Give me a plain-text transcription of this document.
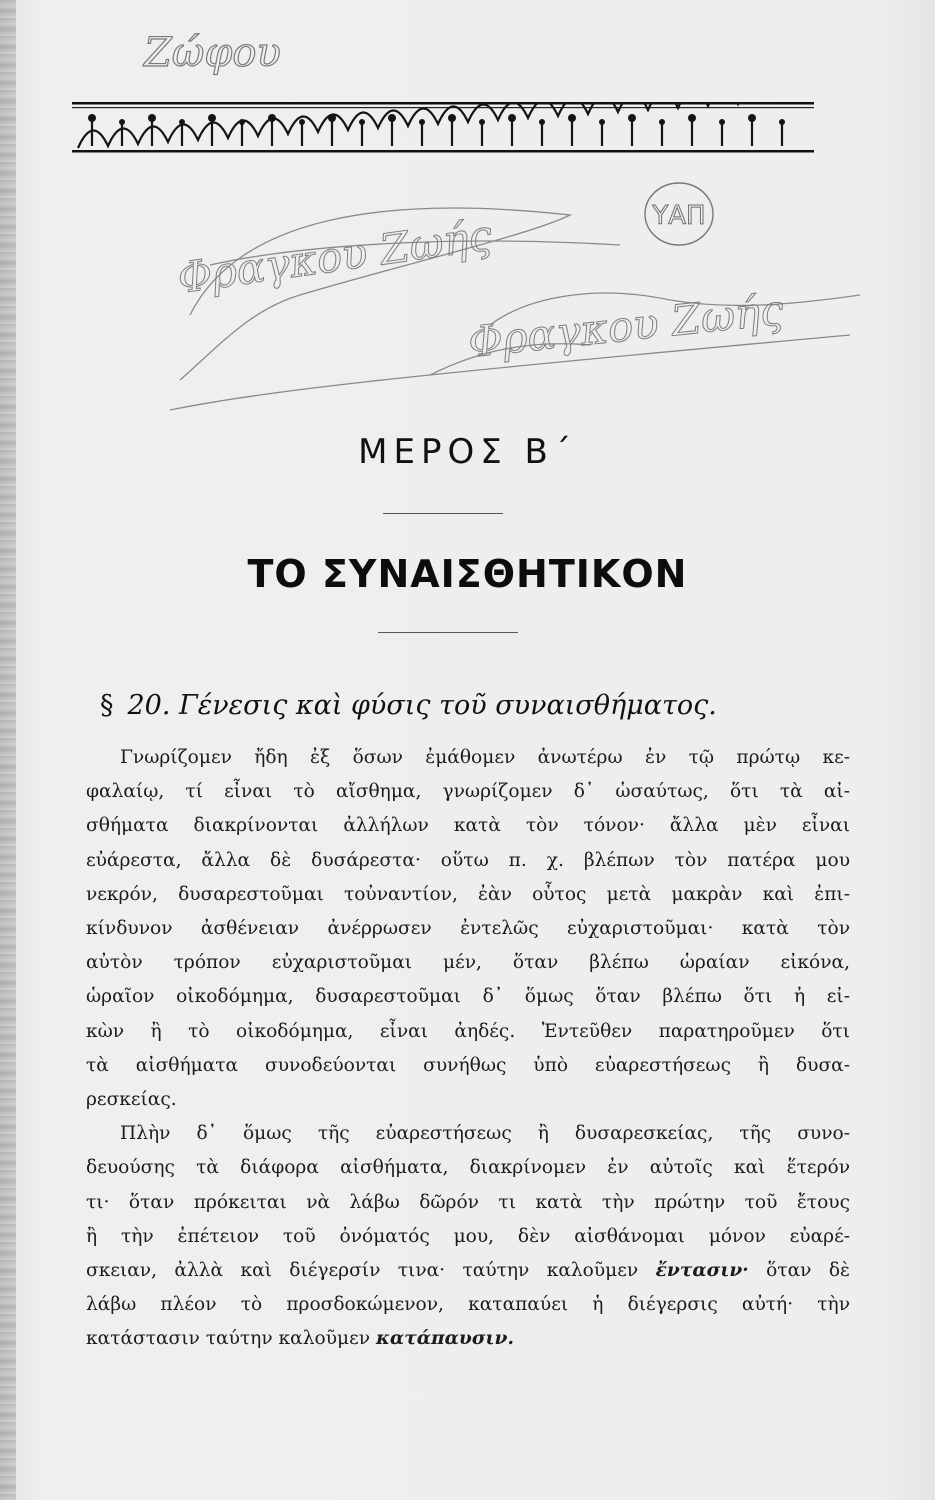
Ζώφου
Φραγκου Ζωής
Φραγκου Ζωής
ΥΑΠ
ΜΕΡΟΣ Β΄
ΤΟ ΣΥΝΑΙΣΘΗΤΙΚΟΝ
§ 20. Γένεσις καὶ φύσις τοῦ συναισθήματος.
Γνωρίζομεν ἤδη ἐξ ὅσων ἐμάθομεν ἀνωτέρω ἐν τῷ πρώτῳ κε-
φαλαίῳ, τί εἶναι τὸ αἴσθημα, γνωρίζομεν δ᾽ ὡσαύτως, ὅτι τὰ αἰ-
σθήματα διακρίνονται ἀλλήλων κατὰ τὸν τόνον· ἄλλα μὲν εἶναι
εὐάρεστα, ἄλλα δὲ δυσάρεστα· οὕτω π. χ. βλέπων τὸν πατέρα μου
νεκρόν, δυσαρεστοῦμαι τοὐναντίον, ἐὰν οὗτος μετὰ μακρὰν καὶ ἐπι-
κίνδυνον ἀσθένειαν ἀνέρρωσεν ἐντελῶς εὐχαριστοῦμαι· κατὰ τὸν
αὐτὸν τρόπον εὐχαριστοῦμαι μέν, ὅταν βλέπω ὡραίαν εἰκόνα,
ὡραῖον οἰκοδόμημα, δυσαρεστοῦμαι δ᾽ ὅμως ὅταν βλέπω ὅτι ἡ εἰ-
κὼν ἢ τὸ οἰκοδόμημα, εἶναι ἀηδές. Ἐντεῦθεν παρατηροῦμεν ὅτι
τὰ αἰσθήματα συνοδεύονται συνήθως ὑπὸ εὐαρεστήσεως ἢ δυσα-
ρεσκείας.
Πλὴν δ᾽ ὅμως τῆς εὐαρεστήσεως ἢ δυσαρεσκείας, τῆς συνο-
δευούσης τὰ διάφορα αἰσθήματα, διακρίνομεν ἐν αὐτοῖς καὶ ἕτερόν
τι· ὅταν πρόκειται νὰ λάβω δῶρόν τι κατὰ τὴν πρώτην τοῦ ἔτους
ἢ τὴν ἐπέτειον τοῦ ὀνόματός μου, δὲν αἰσθάνομαι μόνον εὐαρέ-
σκειαν, ἀλλὰ καὶ διέγερσίν τινα· ταύτην καλοῦμεν ἔντασιν· ὅταν δὲ
λάβω πλέον τὸ προσδοκώμενον, καταπαύει ἡ διέγερσις αὐτή· τὴν
κατάστασιν ταύτην καλοῦμεν κατάπαυσιν.
